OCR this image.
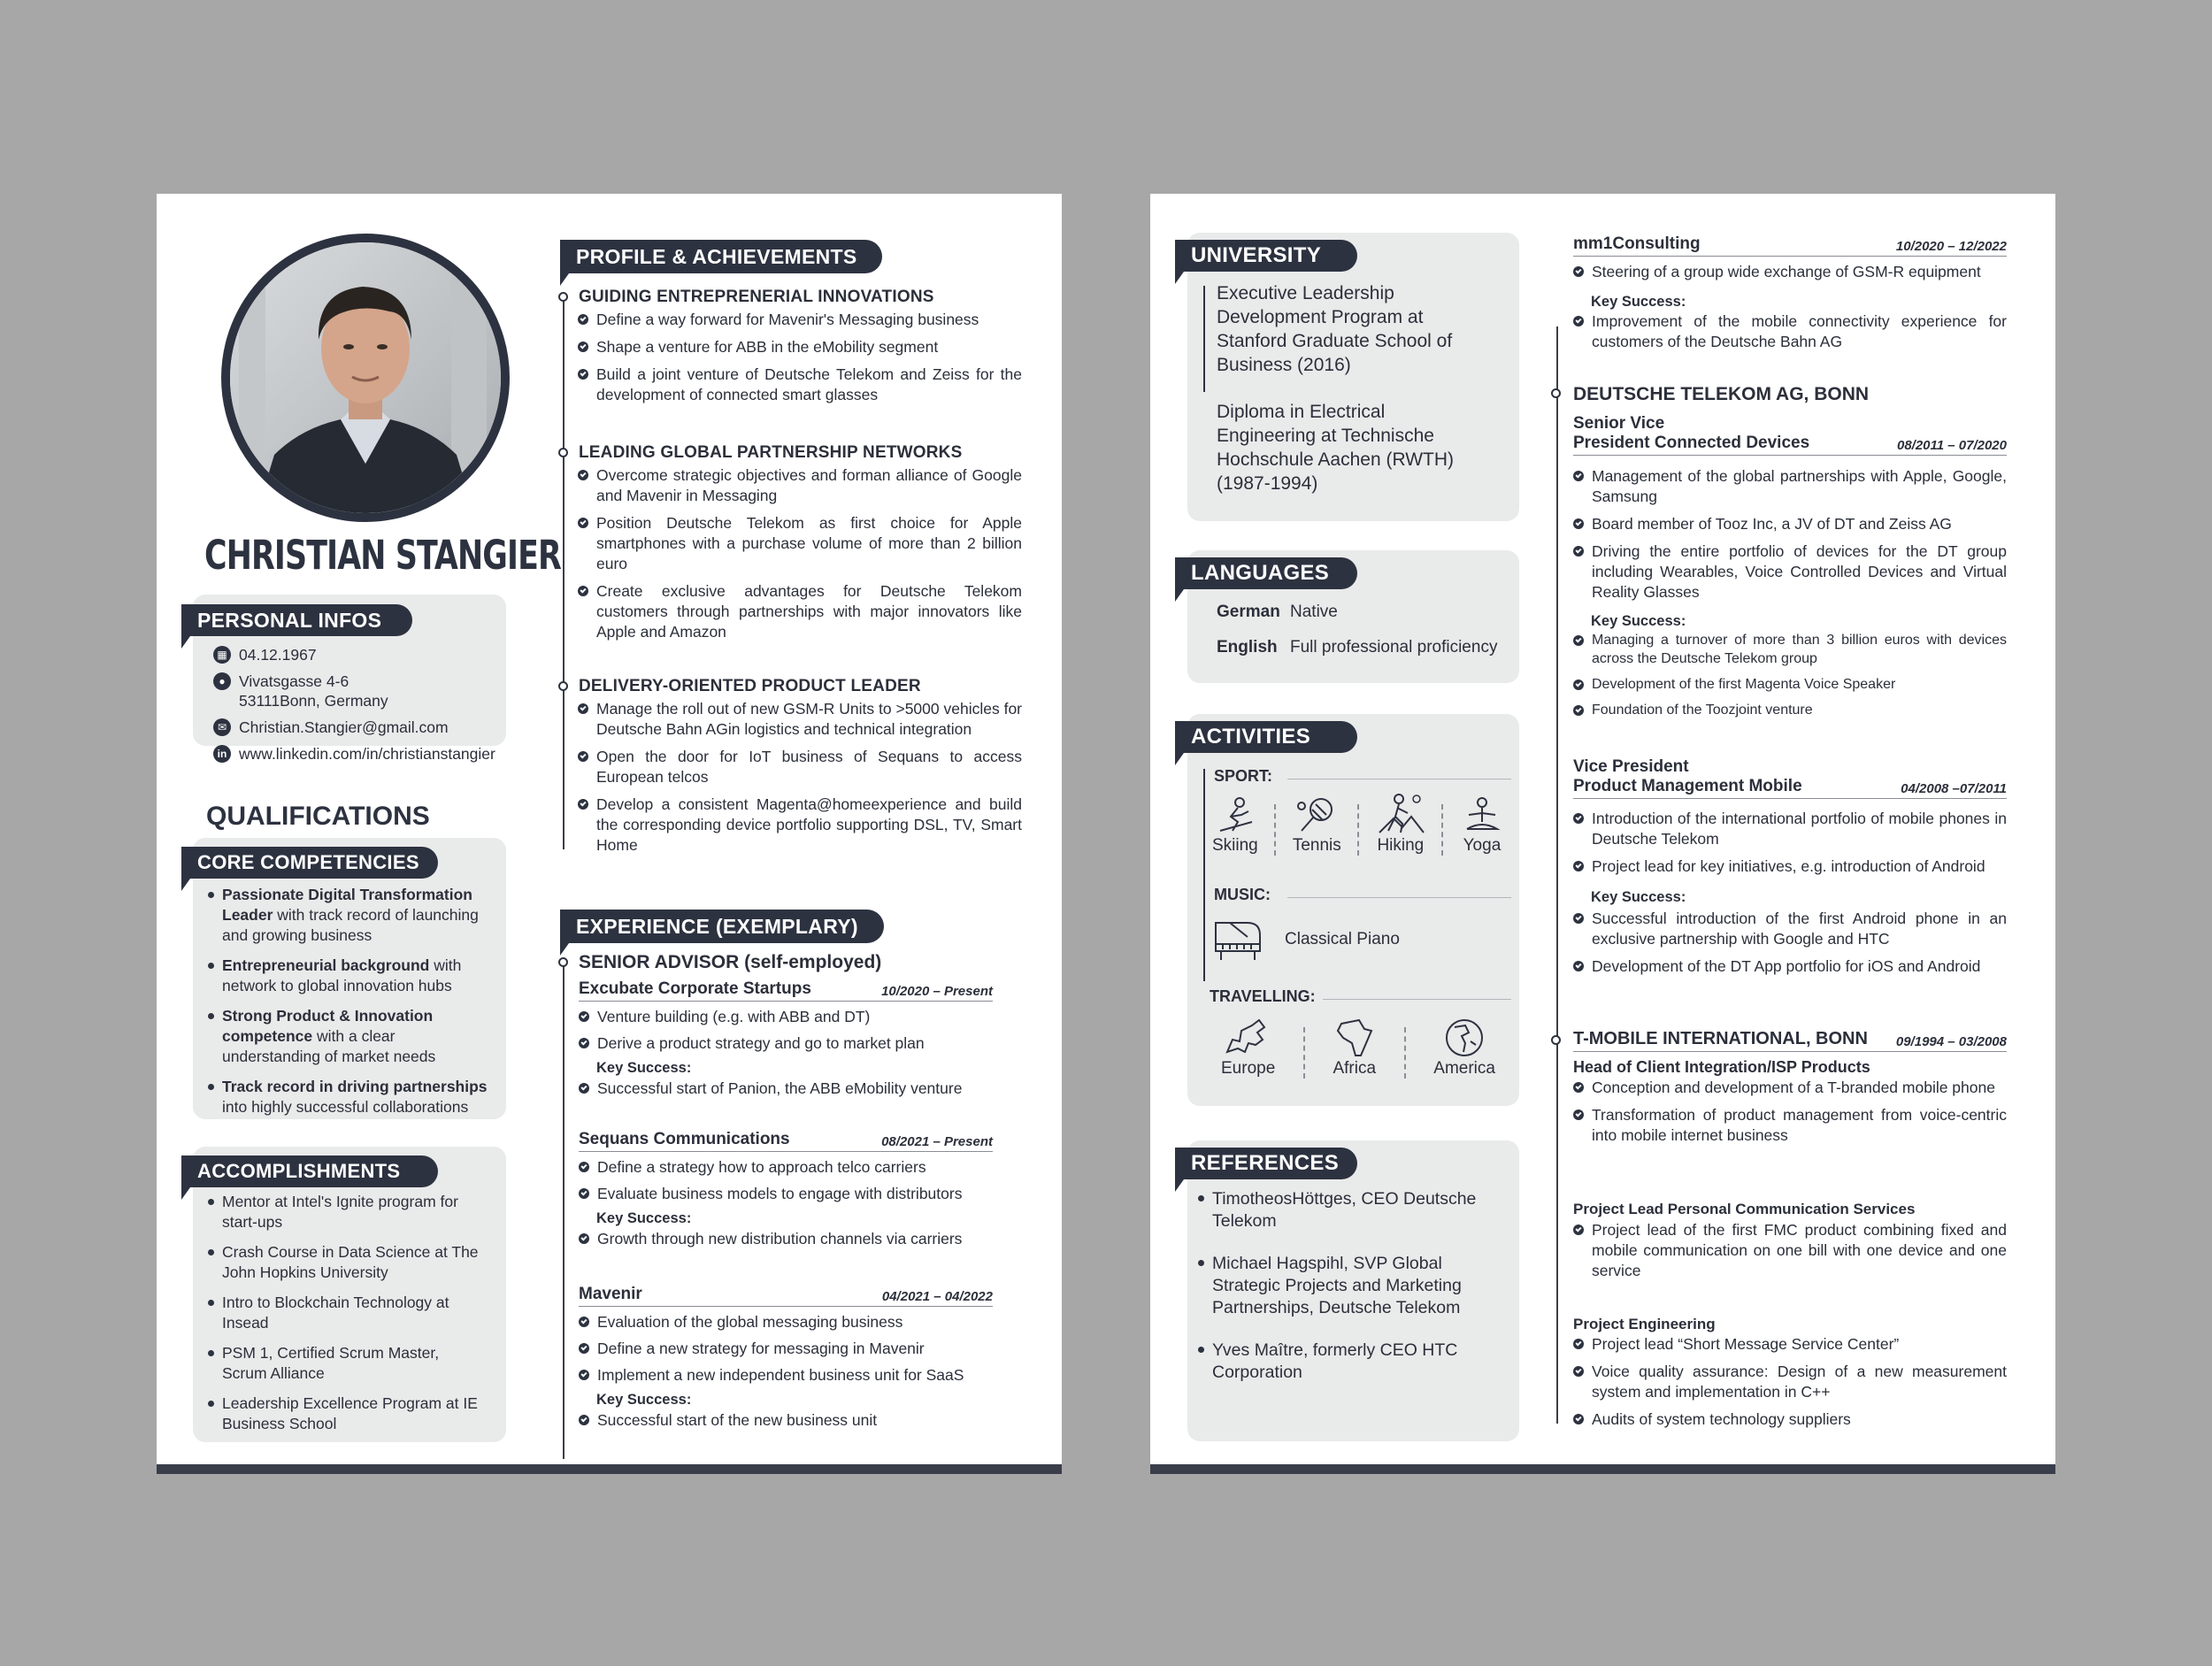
CHRISTIAN STANGIER
PERSONAL INFOS
▦ 04.12.1967
● Vivatsgasse 4-6
53111Bonn, Germany
✉ Christian.Stangier@gmail.com
in www.linkedin.com/in/christianstangier
QUALIFICATIONS
CORE COMPETENCIES
Passionate Digital Transformation Leader with track record of launching and growing business
Entrepreneurial background with network to global innovation hubs
Strong Product & Innovation competence with a clear understanding of market needs
Track record in driving partnerships into highly successful collaborations
ACCOMPLISHMENTS
Mentor at Intel's Ignite program for start-ups
Crash Course in Data Science at The John Hopkins University
Intro to Blockchain Technology at Insead
PSM 1, Certified Scrum Master, Scrum Alliance
Leadership Excellence Program at IE Business School
PROFILE & ACHIEVEMENTS
GUIDING ENTREPRENERIAL INNOVATIONS
Define a way forward for Mavenir's Messaging business
Shape a venture for ABB in the eMobility segment
Build a joint venture of Deutsche Telekom and Zeiss for the development of connected smart glasses
LEADING GLOBAL PARTNERSHIP NETWORKS
Overcome strategic objectives and forman alliance of Google and Mavenir in Messaging
Position Deutsche Telekom as first choice for Apple smartphones with a purchase volume of more than 2 billion euro
Create exclusive advantages for Deutsche Telekom customers through partnerships with major innovators like Apple and Amazon
DELIVERY-ORIENTED PRODUCT LEADER
Manage the roll out of new GSM-R Units to >5000 vehicles for Deutsche Bahn AGin logistics and technical integration
Open the door for IoT business of Sequans to access European telcos
Develop a consistent Magenta@homeexperience and build the corresponding device portfolio supporting DSL, TV, Smart Home
EXPERIENCE (EXEMPLARY)
SENIOR ADVISOR (self-employed)
Excubate Corporate Startups	10/2020 – Present
Venture building (e.g. with ABB and DT)
Derive a product strategy and go to market plan
Key Success:
Successful start of Panion, the ABB eMobility venture
Sequans Communications	08/2021 – Present
Define a strategy how to approach telco carriers
Evaluate business models to engage with distributors
Key Success:
Growth through new distribution channels via carriers
Mavenir	04/2021 – 04/2022
Evaluation of the global messaging business
Define a new strategy for messaging in Mavenir
Implement a new independent business unit for SaaS
Key Success:
Successful start of the new business unit
UNIVERSITY
Executive Leadership Development Program at Stanford Graduate School of Business (2016)
Diploma in Electrical Engineering at Technische Hochschule Aachen (RWTH) (1987-1994)
LANGUAGES
German Native
English Full professional proficiency
ACTIVITIES
SPORT:
Skiing Tennis Hiking Yoga
MUSIC:
Classical Piano
TRAVELLING:
Europe	Africa	America
REFERENCES
TimotheosHöttges, CEO Deutsche Telekom
Michael Hagspihl, SVP Global Strategic Projects and Marketing Partnerships, Deutsche Telekom
Yves Maître, formerly CEO HTC Corporation
mm1Consulting	10/2020 – 12/2022
Steering of a group wide exchange of GSM-R equipment
Key Success:
Improvement of the mobile connectivity experience for customers of the Deutsche Bahn AG
DEUTSCHE TELEKOM AG, BONN
Senior Vice
President Connected Devices	08/2011 – 07/2020
Management of the global partnerships with Apple, Google, Samsung
Board member of Tooz Inc, a JV of DT and Zeiss AG
Driving the entire portfolio of devices for the DT group including Wearables, Voice Controlled Devices and Virtual Reality Glasses
Key Success:
Managing a turnover of more than 3 billion euros with devices across the Deutsche Telekom group
Development of the first Magenta Voice Speaker
Foundation of the Toozjoint venture
Vice President
Product Management Mobile	04/2008 –07/2011
Introduction of the international portfolio of mobile phones in Deutsche Telekom
Project lead for key initiatives, e.g. introduction of Android
Key Success:
Successful introduction of the first Android phone in an exclusive partnership with Google and HTC
Development of the DT App portfolio for iOS and Android
T-MOBILE INTERNATIONAL, BONN 09/1994 – 03/2008
Head of Client Integration/ISP Products
Conception and development of a T-branded mobile phone
Transformation of product management from voice-centric into mobile internet business
Project Lead Personal Communication Services
Project lead of the first FMC product combining fixed and mobile communication on one bill with one device and one service
Project Engineering
Project lead “Short Message Service Center”
Voice quality assurance: Design of a new measurement system and implementation in C++
Audits of system technology suppliers
